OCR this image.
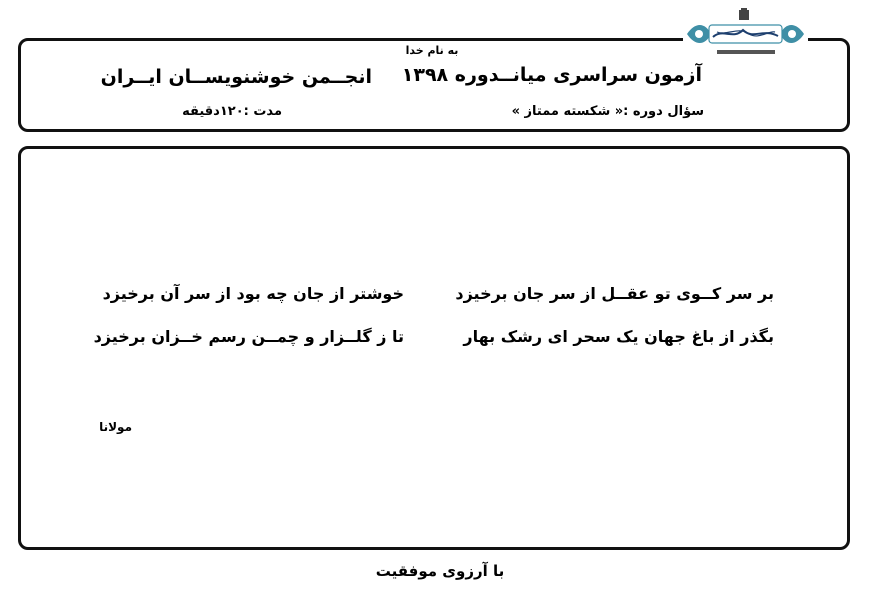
به نام خدا
آزمون سراسری میانــدوره ۱۳۹۸
انجــمن خوشنویســان ایــران
سؤال دوره :« شکسته ممتاز »
مدت :۱۲۰دقیقه
بر سر کــوی تو عقــل از سر جان برخیزد
خوشتر از جان چه بود از سر آن برخیزد
بگذر از باغ جهان یک سحر ای رشک بهار
تا ز گلــزار و چمــن رسم خــزان برخیزد
مولانا
با آرزوی موفقیت
